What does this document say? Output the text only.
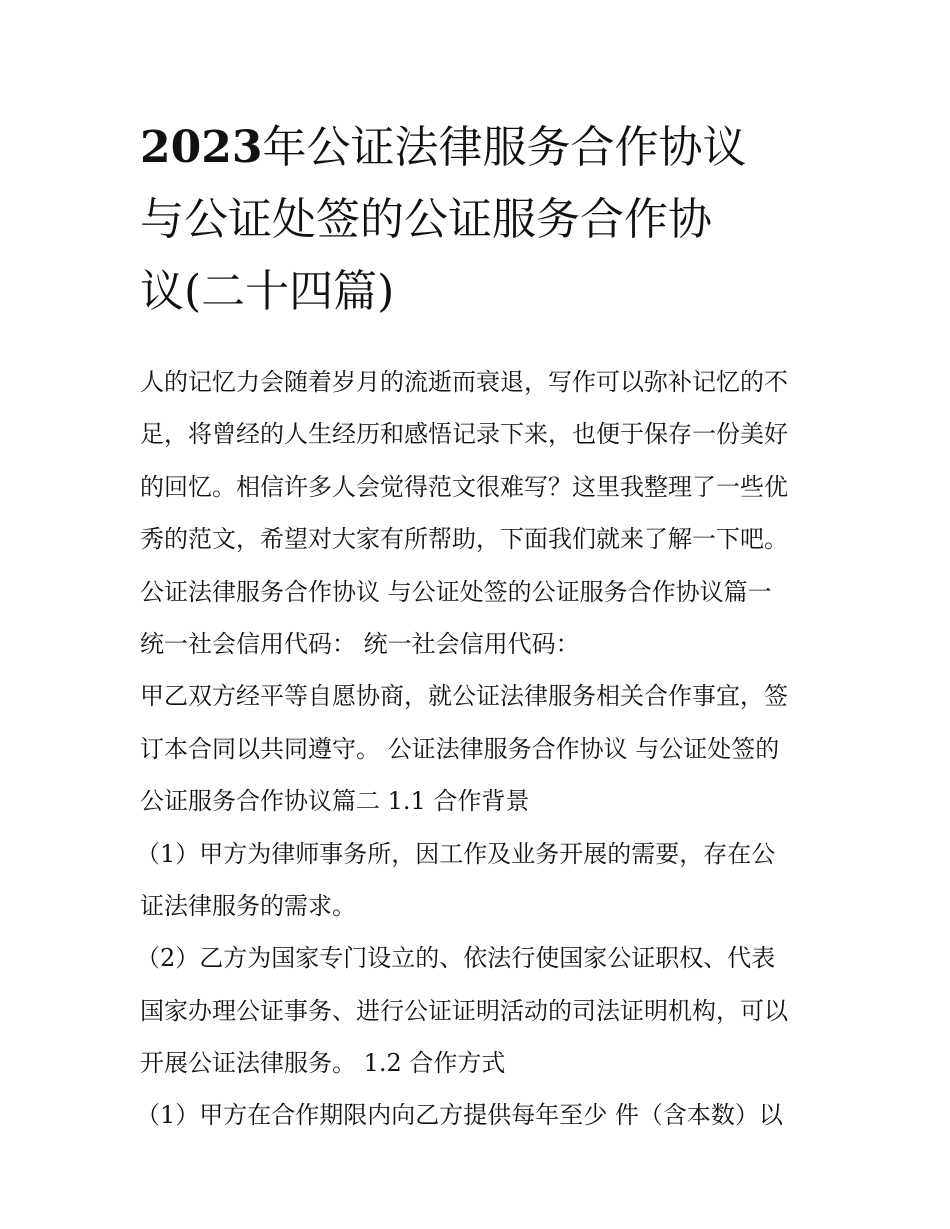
2023年公证法律服务合作协议
与公证处签的公证服务合作协
议(二十四篇)
人的记忆力会随着岁月的流逝而衰退，写作可以弥补记忆的不
足，将曾经的人生经历和感悟记录下来，也便于保存一份美好
的回忆。相信许多人会觉得范文很难写？这里我整理了一些优
秀的范文，希望对大家有所帮助，下面我们就来了解一下吧。
公证法律服务合作协议 与公证处签的公证服务合作协议篇一
统一社会信用代码： 统一社会信用代码：
甲乙双方经平等自愿协商，就公证法律服务相关合作事宜，签
订本合同以共同遵守。 公证法律服务合作协议 与公证处签的
公证服务合作协议篇二 1.1 合作背景
（1）甲方为律师事务所，因工作及业务开展的需要，存在公
证法律服务的需求。
（2）乙方为国家专门设立的、依法行使国家公证职权、代表
国家办理公证事务、进行公证证明活动的司法证明机构，可以
开展公证法律服务。 1.2 合作方式
（1）甲方在合作期限内向乙方提供每年至少 件（含本数）以
